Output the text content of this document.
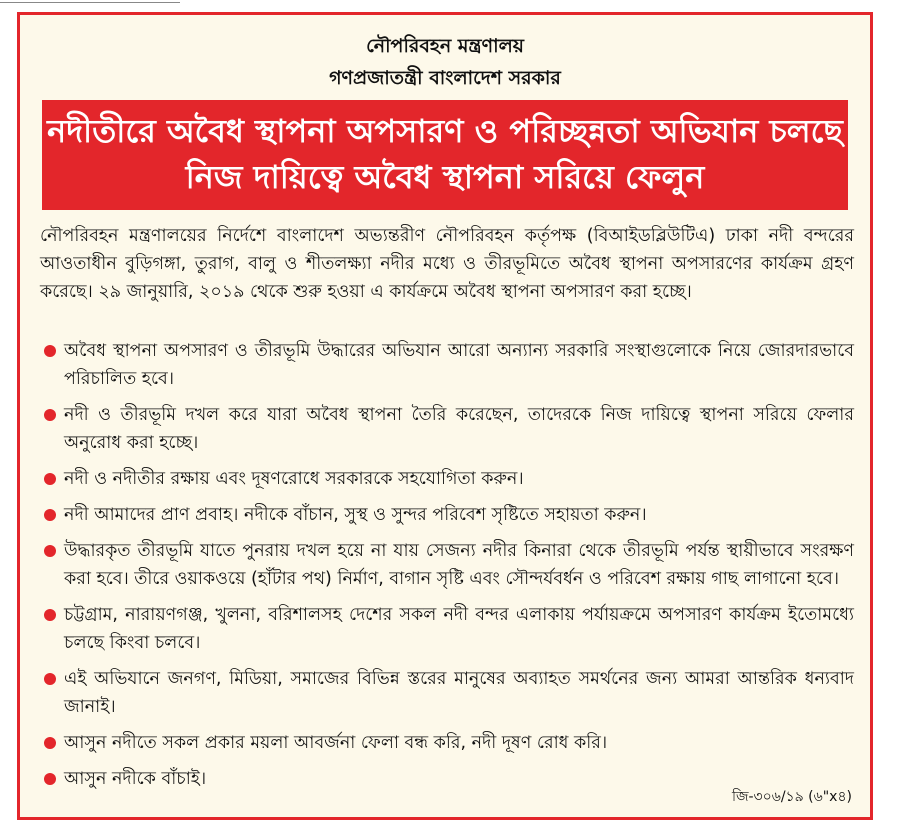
নৌপরিবহন মন্ত্রণালয়
গণপ্রজাতন্ত্রী বাংলাদেশ সরকার
নদীতীরে অবৈধ স্থাপনা অপসারণ ও পরিচ্ছন্নতা অভিযান চলছে
নিজ দায়িত্বে অবৈধ স্থাপনা সরিয়ে ফেলুন
নৌপরিবহন মন্ত্রণালয়ের নির্দেশে বাংলাদেশ অভ্যন্তরীণ নৌপরিবহন কর্তৃপক্ষ (বিআইডব্লিউটিএ) ঢাকা নদী বন্দরের আওতাধীন বুড়িগঙ্গা, তুরাগ, বালু ও শীতলক্ষ্যা নদীর মধ্যে ও তীরভূমিতে অবৈধ স্থাপনা অপসারণের কার্যক্রম গ্রহণ করেছে। ২৯ জানুয়ারি, ২০১৯ থেকে শুরু হওয়া এ কার্যক্রমে অবৈধ স্থাপনা অপসারণ করা হচ্ছে।
অবৈধ স্থাপনা অপসারণ ও তীরভূমি উদ্ধারের অভিযান আরো অন্যান্য সরকারি সংস্থাগুলোকে নিয়ে জোরদারভাবে পরিচালিত হবে।
নদী ও তীরভূমি দখল করে যারা অবৈধ স্থাপনা তৈরি করেছেন, তাদেরকে নিজ দায়িত্বে স্থাপনা সরিয়ে ফেলার অনুরোধ করা হচ্ছে।
নদী ও নদীতীর রক্ষায় এবং দূষণরোধে সরকারকে সহযোগিতা করুন।
নদী আমাদের প্রাণ প্রবাহ। নদীকে বাঁচান, সুস্থ ও সুন্দর পরিবেশ সৃষ্টিতে সহায়তা করুন।
উদ্ধারকৃত তীরভূমি যাতে পুনরায় দখল হয়ে না যায় সেজন্য নদীর কিনারা থেকে তীরভূমি পর্যন্ত স্থায়ীভাবে সংরক্ষণ করা হবে। তীরে ওয়াকওয়ে (হাঁটার পথ) নির্মাণ, বাগান সৃষ্টি এবং সৌন্দর্যবর্ধন ও পরিবেশ রক্ষায় গাছ লাগানো হবে।
চট্টগ্রাম, নারায়ণগঞ্জ, খুলনা, বরিশালসহ দেশের সকল নদী বন্দর এলাকায় পর্যায়ক্রমে অপসারণ কার্যক্রম ইতোমধ্যে চলছে কিংবা চলবে।
এই অভিযানে জনগণ, মিডিয়া, সমাজের বিভিন্ন স্তরের মানুষের অব্যাহত সমর্থনের জন্য আমরা আন্তরিক ধন্যবাদ জানাই।
আসুন নদীতে সকল প্রকার ময়লা আবর্জনা ফেলা বন্ধ করি, নদী দূষণ রোধ করি।
আসুন নদীকে বাঁচাই।
জি-৩০৬/১৯ (৬"x৪)
